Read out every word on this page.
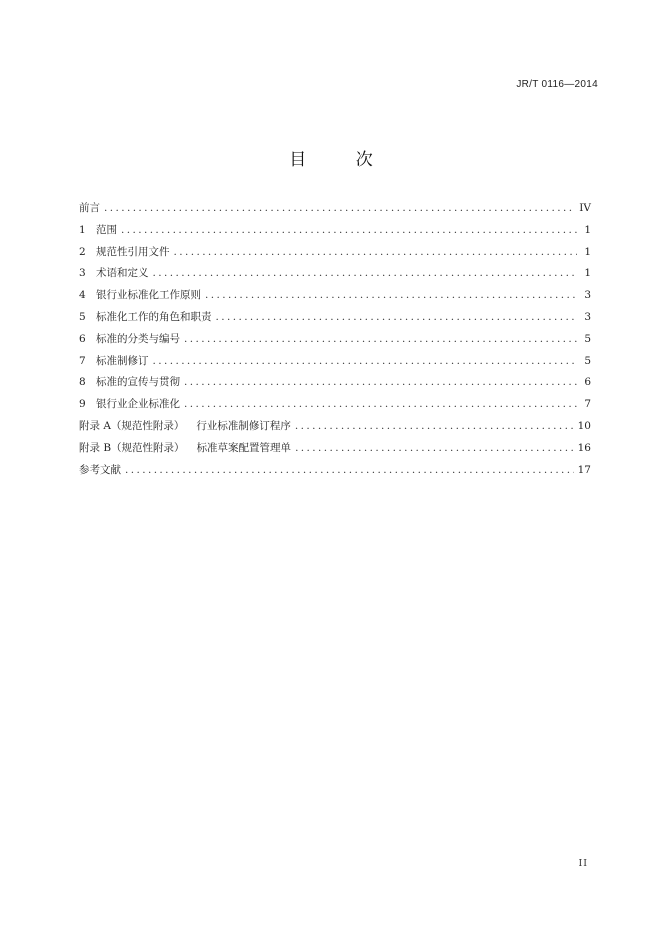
JR/T 0116—2014
目 次
前言 .....	IV
1 范围 .....	1
2 规范性引用文件 .....	1
3 术语和定义 .....	1
4 银行业标准化工作原则 .....	3
5 标准化工作的角色和职责 .....	3
6 标准的分类与编号 .....	5
7 标准制修订 .....	5
8 标准的宣传与贯彻 .....	6
9 银行业企业标准化 .....	7
附录 A（规范性附录） 行业标准制修订程序 .....	10
附录 B（规范性附录） 标准草案配置管理单 .....	16
参考文献 .....	17
II
